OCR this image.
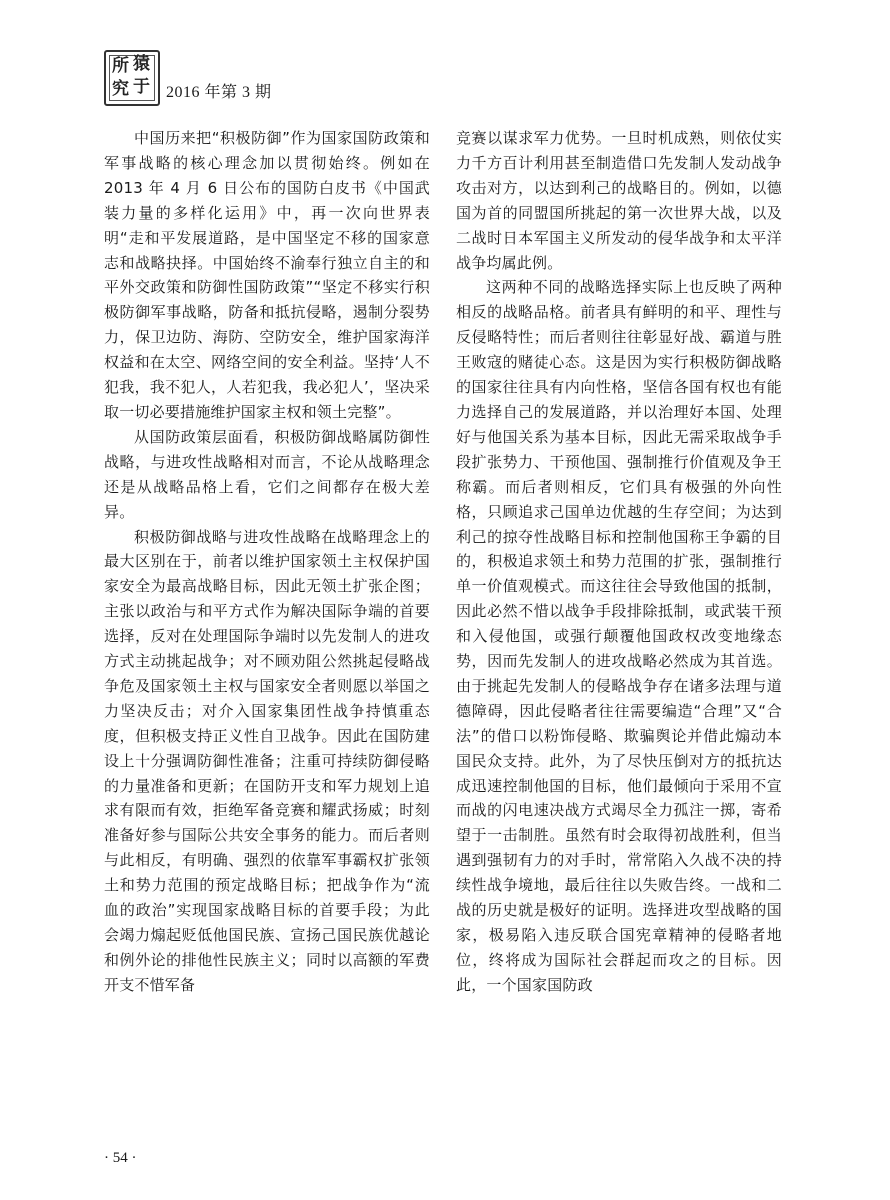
所 猿
究 于 2016 年第 3 期

中国历来把“积极防御”作为国家国防政策和军事战略的核心理念加以贯彻始终。例如在 2013 年 4 月 6 日公布的国防白皮书《中国武装力量的多样化运用》中，再一次向世界表明“走和平发展道路，是中国坚定不移的国家意志和战略抉择。中国始终不渝奉行独立自主的和平外交政策和防御性国防政策”“坚定不移实行积极防御军事战略，防备和抵抗侵略，遏制分裂势力，保卫边防、海防、空防安全，维护国家海洋权益和在太空、网络空间的安全利益。坚持‘人不犯我，我不犯人，人若犯我，我必犯人’，坚决采取一切必要措施维护国家主权和领土完整”。

从国防政策层面看，积极防御战略属防御性战略，与进攻性战略相对而言，不论从战略理念还是从战略品格上看，它们之间都存在极大差异。

积极防御战略与进攻性战略在战略理念上的最大区别在于，前者以维护国家领土主权保护国家安全为最高战略目标，因此无领土扩张企图；主张以政治与和平方式作为解决国际争端的首要选择，反对在处理国际争端时以先发制人的进攻方式主动挑起战争；对不顾劝阻公然挑起侵略战争危及国家领土主权与国家安全者则愿以举国之力坚决反击；对介入国家集团性战争持慎重态度，但积极支持正义性自卫战争。因此在国防建设上十分强调防御性准备；注重可持续防御侵略的力量准备和更新；在国防开支和军力规划上追求有限而有效，拒绝军备竞赛和耀武扬威；时刻准备好参与国际公共安全事务的能力。而后者则与此相反，有明确、强烈的依靠军事霸权扩张领土和势力范围的预定战略目标；把战争作为“流血的政治”实现国家战略目标的首要手段；为此会竭力煽起贬低他国民族、宣扬己国民族优越论和例外论的排他性民族主义；同时以高额的军费开支不惜军备

竞赛以谋求军力优势。一旦时机成熟，则依仗实力千方百计利用甚至制造借口先发制人发动战争攻击对方，以达到利己的战略目的。例如，以德国为首的同盟国所挑起的第一次世界大战，以及二战时日本军国主义所发动的侵华战争和太平洋战争均属此例。

这两种不同的战略选择实际上也反映了两种相反的战略品格。前者具有鲜明的和平、理性与反侵略特性；而后者则往往彰显好战、霸道与胜王败寇的赌徒心态。这是因为实行积极防御战略的国家往往具有内向性格，坚信各国有权也有能力选择自己的发展道路，并以治理好本国、处理好与他国关系为基本目标，因此无需采取战争手段扩张势力、干预他国、强制推行价值观及争王称霸。而后者则相反，它们具有极强的外向性格，只顾追求己国单边优越的生存空间；为达到利己的掠夺性战略目标和控制他国称王争霸的目的，积极追求领土和势力范围的扩张，强制推行单一价值观模式。而这往往会导致他国的抵制，因此必然不惜以战争手段排除抵制，或武装干预和入侵他国，或强行颠覆他国政权改变地缘态势，因而先发制人的进攻战略必然成为其首选。由于挑起先发制人的侵略战争存在诸多法理与道德障碍，因此侵略者往往需要编造“合理”又“合法”的借口以粉饰侵略、欺骗舆论并借此煽动本国民众支持。此外，为了尽快压倒对方的抵抗达成迅速控制他国的目标，他们最倾向于采用不宣而战的闪电速决战方式竭尽全力孤注一掷，寄希望于一击制胜。虽然有时会取得初战胜利，但当遇到强韧有力的对手时，常常陷入久战不决的持续性战争境地，最后往往以失败告终。一战和二战的历史就是极好的证明。选择进攻型战略的国家，极易陷入违反联合国宪章精神的侵略者地位，终将成为国际社会群起而攻之的目标。因此，一个国家国防政

· 54 ·
